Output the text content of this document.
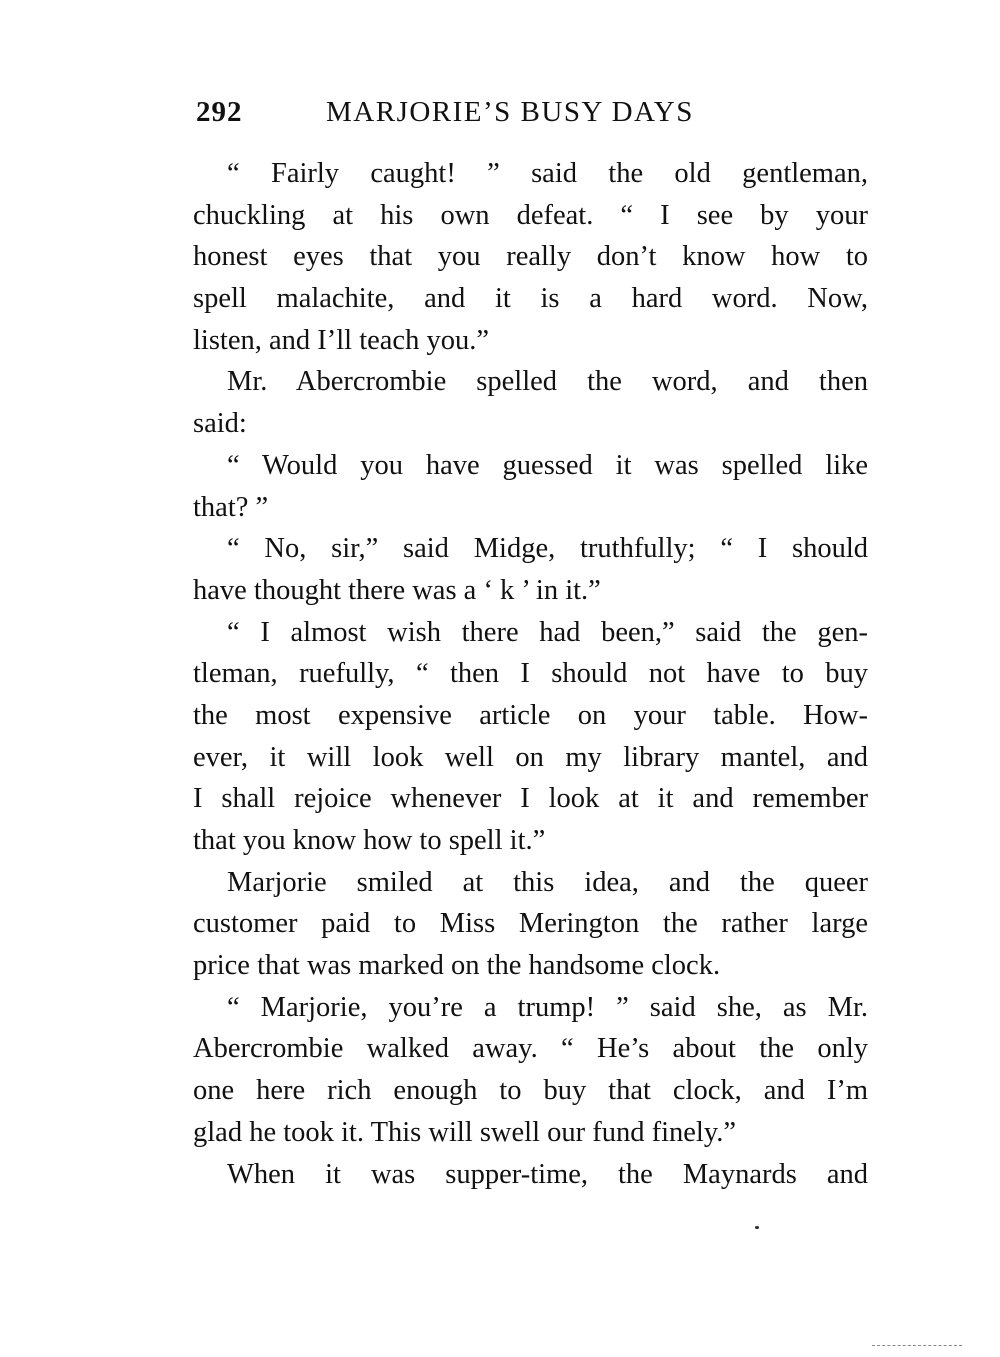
292	MARJORIE’S BUSY DAYS
“ Fairly caught! ” said the old gentleman,
chuckling at his own defeat. “ I see by your
honest eyes that you really don’t know how to
spell malachite, and it is a hard word. Now,
listen, and I’ll teach you.”
Mr. Abercrombie spelled the word, and then
said:
“ Would you have guessed it was spelled like
that? ”
“ No, sir,” said Midge, truthfully; “ I should
have thought there was a ‘ k ’ in it.”
“ I almost wish there had been,” said the gen-
tleman, ruefully, “ then I should not have to buy
the most expensive article on your table. How-
ever, it will look well on my library mantel, and
I shall rejoice whenever I look at it and remember
that you know how to spell it.”
Marjorie smiled at this idea, and the queer
customer paid to Miss Merington the rather large
price that was marked on the handsome clock.
“ Marjorie, you’re a trump! ” said she, as Mr.
Abercrombie walked away. “ He’s about the only
one here rich enough to buy that clock, and I’m
glad he took it. This will swell our fund finely.”
When it was supper-time, the Maynards and
